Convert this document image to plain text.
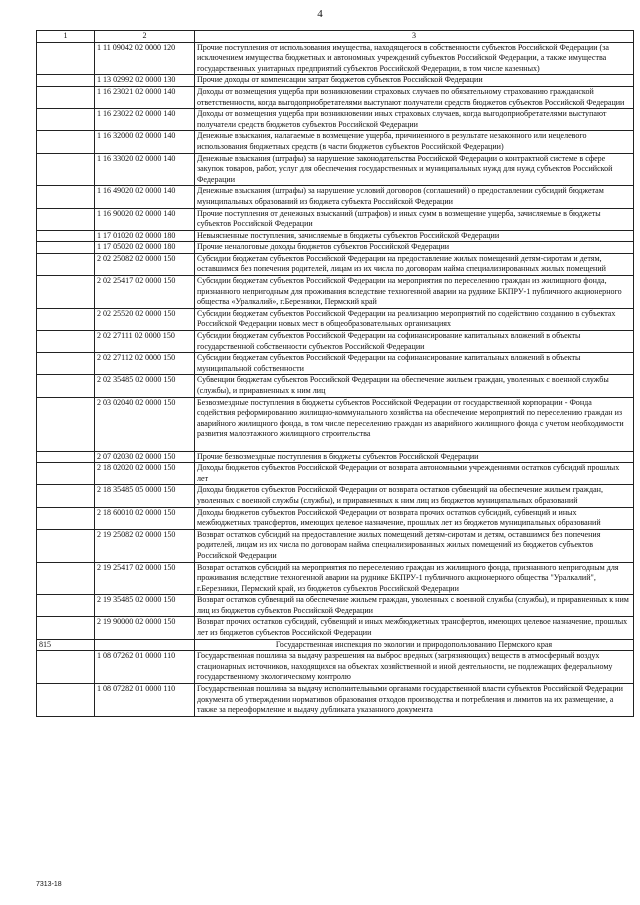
4
1	2	3
	1 11 09042 02 0000 120	Прочие поступления от использования имущества, находящегося в собственности субъектов Российской Федерации (за исключением имущества бюджетных и автономных учреждений субъектов Российской Федерации, а также имущества государственных унитарных предприятий субъектов Российской Федерации, в том числе казенных)
	1 13 02992 02 0000 130	Прочие доходы от компенсации затрат бюджетов субъектов Российской Федерации
	1 16 23021 02 0000 140	Доходы от возмещения ущерба при возникновении страховых случаев по обязательному страхованию гражданской ответственности, когда выгодоприобретателями выступают получатели средств бюджетов субъектов Российской Федерации
	1 16 23022 02 0000 140	Доходы от возмещения ущерба при возникновении иных страховых случаев, когда выгодоприобретателями выступают получатели средств бюджетов субъектов Российской Федерации
	1 16 32000 02 0000 140	Денежные взыскания, налагаемые в возмещение ущерба, причиненного в результате незаконного или нецелевого использования бюджетных средств (в части бюджетов субъектов Российской Федерации)
	1 16 33020 02 0000 140	Денежные взыскания (штрафы) за нарушение законодательства Российской Федерации о контрактной системе в сфере закупок товаров, работ, услуг для обеспечения государственных и муниципальных нужд для нужд субъектов Российской Федерации
	1 16 49020 02 0000 140	Денежные взыскания (штрафы) за нарушение условий договоров (соглашений) о предоставлении субсидий бюджетам муниципальных образований из бюджета субъекта Российской Федерации
	1 16 90020 02 0000 140	Прочие поступления от денежных взысканий (штрафов) и иных сумм в возмещение ущерба, зачисляемые в бюджеты субъектов Российской Федерации
	1 17 01020 02 0000 180	Невыясненные поступления, зачисляемые в бюджеты субъектов Российской Федерации
	1 17 05020 02 0000 180	Прочие неналоговые доходы бюджетов субъектов Российской Федерации
	2 02 25082 02 0000 150	Субсидии бюджетам субъектов Российской Федерации на предоставление жилых помещений детям-сиротам и детям, оставшимся без попечения родителей, лицам из их числа по договорам найма специализированных жилых помещений
	2 02 25417 02 0000 150	Субсидии бюджетам субъектов Российской Федерации на мероприятия по переселению граждан из жилищного фонда, признанного непригодным для проживания вследствие техногенной аварии на руднике БКПРУ-1 публичного акционерного общества «Уралкалий», г.Березники, Пермский край
	2 02 25520 02 0000 150	Субсидии бюджетам субъектов Российской Федерации на реализацию мероприятий по содействию созданию в субъектах Российской Федерации новых мест в общеобразовательных организациях
	2 02 27111 02 0000 150	Субсидии бюджетам субъектов Российской Федерации на софинансирование капитальных вложений в объекты государственной собственности субъектов Российской Федерации
	2 02 27112 02 0000 150	Субсидии бюджетам субъектов Российской Федерации на софинансирование капитальных вложений в объекты муниципальной собственности
	2 02 35485 02 0000 150	Субвенции бюджетам субъектов Российской Федерации на обеспечение жильем граждан, уволенных с военной службы (службы), и приравненных к ним лиц
	2 03 02040 02 0000 150	Безвозмездные поступления в бюджеты субъектов Российской Федерации от государственной корпорации - Фонда содействия реформированию жилищно-коммунального хозяйства на обеспечение мероприятий по переселению граждан из аварийного жилищного фонда, в том числе переселению граждан из аварийного жилищного фонда с учетом необходимости развития малоэтажного жилищного строительства

	2 07 02030 02 0000 150	Прочие безвозмездные поступления в бюджеты субъектов Российской Федерации
	2 18 02020 02 0000 150	Доходы бюджетов субъектов Российской Федерации от возврата автономными учреждениями остатков субсидий прошлых лет
	2 18 35485 05 0000 150	Доходы бюджетов субъектов Российской Федерации от возврата остатков субвенций на обеспечение жильем граждан, уволенных с военной службы (службы), и приравненных к ним лиц из бюджетов муниципальных образований
	2 18 60010 02 0000 150	Доходы бюджетов субъектов Российской Федерации от возврата прочих остатков субсидий, субвенций и иных межбюджетных трансфертов, имеющих целевое назначение, прошлых лет из бюджетов муниципальных образований
	2 19 25082 02 0000 150	Возврат остатков субсидий на предоставление жилых помещений детям-сиротам и детям, оставшимся без попечения родителей, лицам из их числа по договорам найма специализированных жилых помещений из бюджетов субъектов Российской Федерации
	2 19 25417 02 0000 150	Возврат остатков субсидий на мероприятия по переселению граждан из жилищного фонда, признанного непригодным для проживания вследствие техногенной аварии на руднике БКПРУ-1 публичного акционерного общества "Уралкалий", г.Березники, Пермский край, из бюджетов субъектов Российской Федерации

	2 19 35485 02 0000 150	Возврат остатков субвенций на обеспечение жильем граждан, уволенных с военной службы (службы), и приравненных к ним лиц из бюджетов субъектов Российской Федерации
	2 19 90000 02 0000 150	Возврат прочих остатков субсидий, субвенций и иных межбюджетных трансфертов, имеющих целевое назначение, прошлых лет из бюджетов субъектов Российской Федерации
815		Государственная инспекция по экологии и природопользованию Пермского края
	1 08 07262 01 0000 110	Государственная пошлина за выдачу разрешения на выброс вредных (загрязняющих) веществ в атмосферный воздух стационарных источников, находящихся на объектах хозяйственной и иной деятельности, не подлежащих федеральному государственному экологическому контролю
	1 08 07282 01 0000 110	Государственная пошлина за выдачу исполнительными органами государственной власти субъектов Российской Федерации документа об утверждении нормативов образования отходов производства и потребления и лимитов на их размещение, а также за переоформление и выдачу дубликата указанного документа
7313-18
